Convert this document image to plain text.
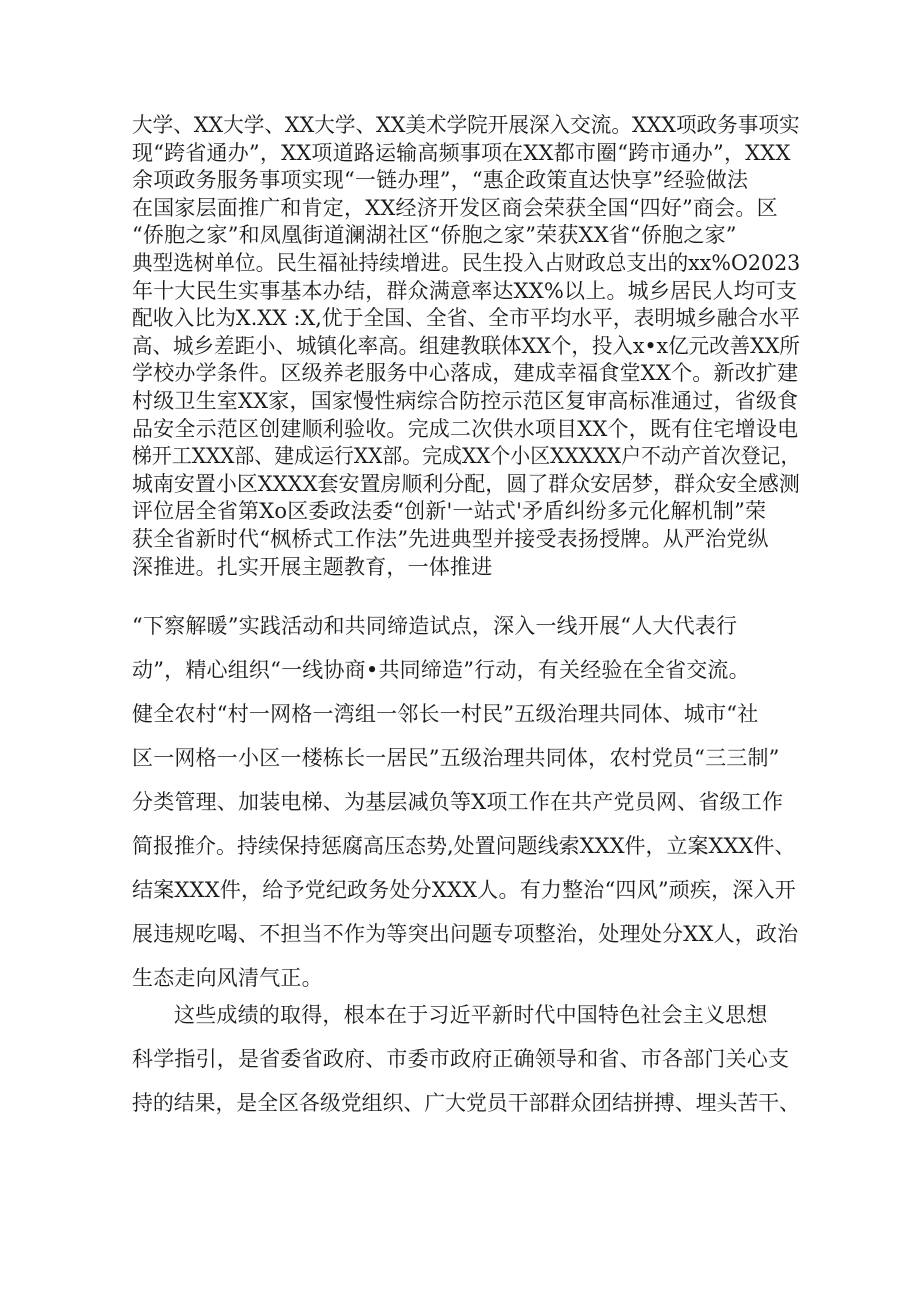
大学、XX大学、XX大学、XX美术学院开展深入交流。XXX项政务事项实
现“跨省通办”，XX项道路运输高频事项在XX都市圈“跨市通办”，XXX
余项政务服务事项实现“一链办理”，“惠企政策直达快享”经验做法
在国家层面推广和肯定，XX经济开发区商会荣获全国“四好”商会。区
“侨胞之家”和凤凰街道澜湖社区“侨胞之家”荣获XX省“侨胞之家”
典型选树单位。民生福祉持续增进。民生投入占财政总支出的xx%O2023
年十大民生实事基本办结，群众满意率达XX%以上。城乡居民人均可支
配收入比为X.XX :X,优于全国、全省、全市平均水平，表明城乡融合水平
高、城乡差距小、城镇化率高。组建教联体XX个，投入x•x亿元改善XX所
学校办学条件。区级养老服务中心落成，建成幸福食堂XX个。新改扩建
村级卫生室XX家，国家慢性病综合防控示范区复审高标准通过，省级食
品安全示范区创建顺利验收。完成二次供水项目XX个，既有住宅增设电
梯开工XXX部、建成运行XX部。完成XX个小区XXXXX户不动产首次登记，
城南安置小区XXXX套安置房顺利分配，圆了群众安居梦，群众安全感测
评位居全省第Xo区委政法委“创新'一站式'矛盾纠纷多元化解机制”荣
获全省新时代“枫桥式工作法”先进典型并接受表扬授牌。从严治党纵
深推进。扎实开展主题教育，一体推进
“下察解暖”实践活动和共同缔造试点，深入一线开展“人大代表行
动”，精心组织“一线协商•共同缔造”行动，有关经验在全省交流。
健全农村“村一网格一湾组一邻长一村民”五级治理共同体、城市“社
区一网格一小区一楼栋长一居民”五级治理共同体，农村党员“三三制”
分类管理、加装电梯、为基层减负等X项工作在共产党员网、省级工作
简报推介。持续保持惩腐高压态势,处置问题线索XXX件，立案XXX件、
结案XXX件，给予党纪政务处分XXX人。有力整治“四风”顽疾，深入开
展违规吃喝、不担当不作为等突出问题专项整治，处理处分XX人，政治
生态走向风清气正。
这些成绩的取得，根本在于习近平新时代中国特色社会主义思想
科学指引，是省委省政府、市委市政府正确领导和省、市各部门关心支
持的结果，是全区各级党组织、广大党员干部群众团结拼搏、埋头苦干、
